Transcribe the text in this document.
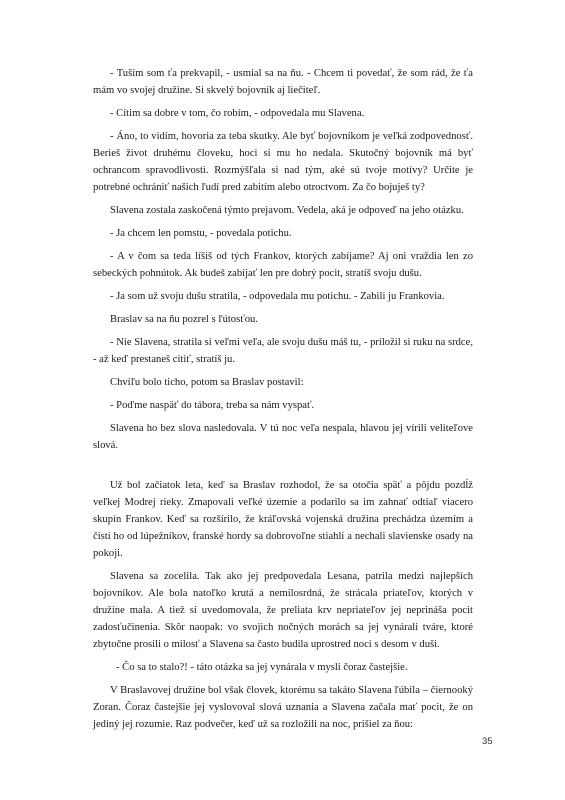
- Tuším som ťa prekvapil, - usmial sa na ňu. - Chcem ti povedať, že som rád, že ťa mám vo svojej družine. Si skvelý bojovník aj liečiteľ.

- Cítim sa dobre v tom, čo robím, - odpovedala mu Slavena.

- Áno, to vidím, hovoria za teba skutky. Ale byť bojovníkom je veľká zodpovednosť. Berieš život druhému človeku, hoci si mu ho nedala. Skutočný bojovník má byť ochrancom spravodlivosti. Rozmýšľala si nad tým, aké sú tvoje motívy? Určite je potrebné ochrániť našich ľudí pred zabitím alebo otroctvom. Za čo bojuješ ty?

Slavena zostala zaskočená týmto prejavom. Vedela, aká je odpoveď na jeho otázku.

- Ja chcem len pomstu, - povedala potichu.

- A v čom sa teda líšiš od tých Frankov, ktorých zabíjame? Aj oni vraždia len zo sebeckých pohnútok. Ak budeš zabíjať len pre dobrý pocit, stratíš svoju dušu.

- Ja som už svoju dušu stratila, - odpovedala mu potichu. - Zabili ju Frankovia.

Braslav sa na ňu pozrel s ľútosťou.

- Nie Slavena, stratila si veľmi veľa, ale svoju dušu máš tu, - priložil si ruku na srdce, - až keď prestaneš cítiť, stratíš ju.

Chvíľu bolo ticho, potom sa Braslav postavil:

- Poďme naspäť do tábora, treba sa nám vyspať.

Slavena ho bez slova nasledovala. V tú noc veľa nespala, hlavou jej vírili veliteľove slová.

Už bol začiatok leta, keď sa Braslav rozhodol, že sa otočia späť a pôjdu pozdĺž veľkej Modrej rieky. Zmapovali veľké územie a podarilo sa im zahnať odtiaľ viacero skupín Frankov. Keď sa rozšírilo, že kráľovská vojenská družina prechádza územím a čistí ho od lúpežníkov, franské hordy sa dobrovoľne stiahli a nechali slavienske osady na pokoji.

Slavena sa zocelila. Tak ako jej predpovedala Lesana, patrila medzi najlepších bojovníkov. Ale bola natoľko krutá a nemilosrdná, že strácala priateľov, ktorých v družine mala. A tiež si uvedomovala, že preliata krv nepriateľov jej neprináša pocit zadosťučinenia. Skôr naopak: vo svojich nočných morách sa jej vynárali tváre, ktoré zbytočne prosili o milosť a Slavena sa často budila uprostred noci s desom v duši.

- Čo sa to stalo?! - táto otázka sa jej vynárala v mysli čoraz častejšie.

V Braslavovej družine bol však človek, ktorému sa takáto Slavena ľúbila – čiernooký Zoran. Čoraz častejšie jej vyslovoval slová uznania a Slavena začala mať pocit, že on jediný jej rozumie. Raz podvečer, keď už sa rozložili na noc, prišiel za ňou:

35
